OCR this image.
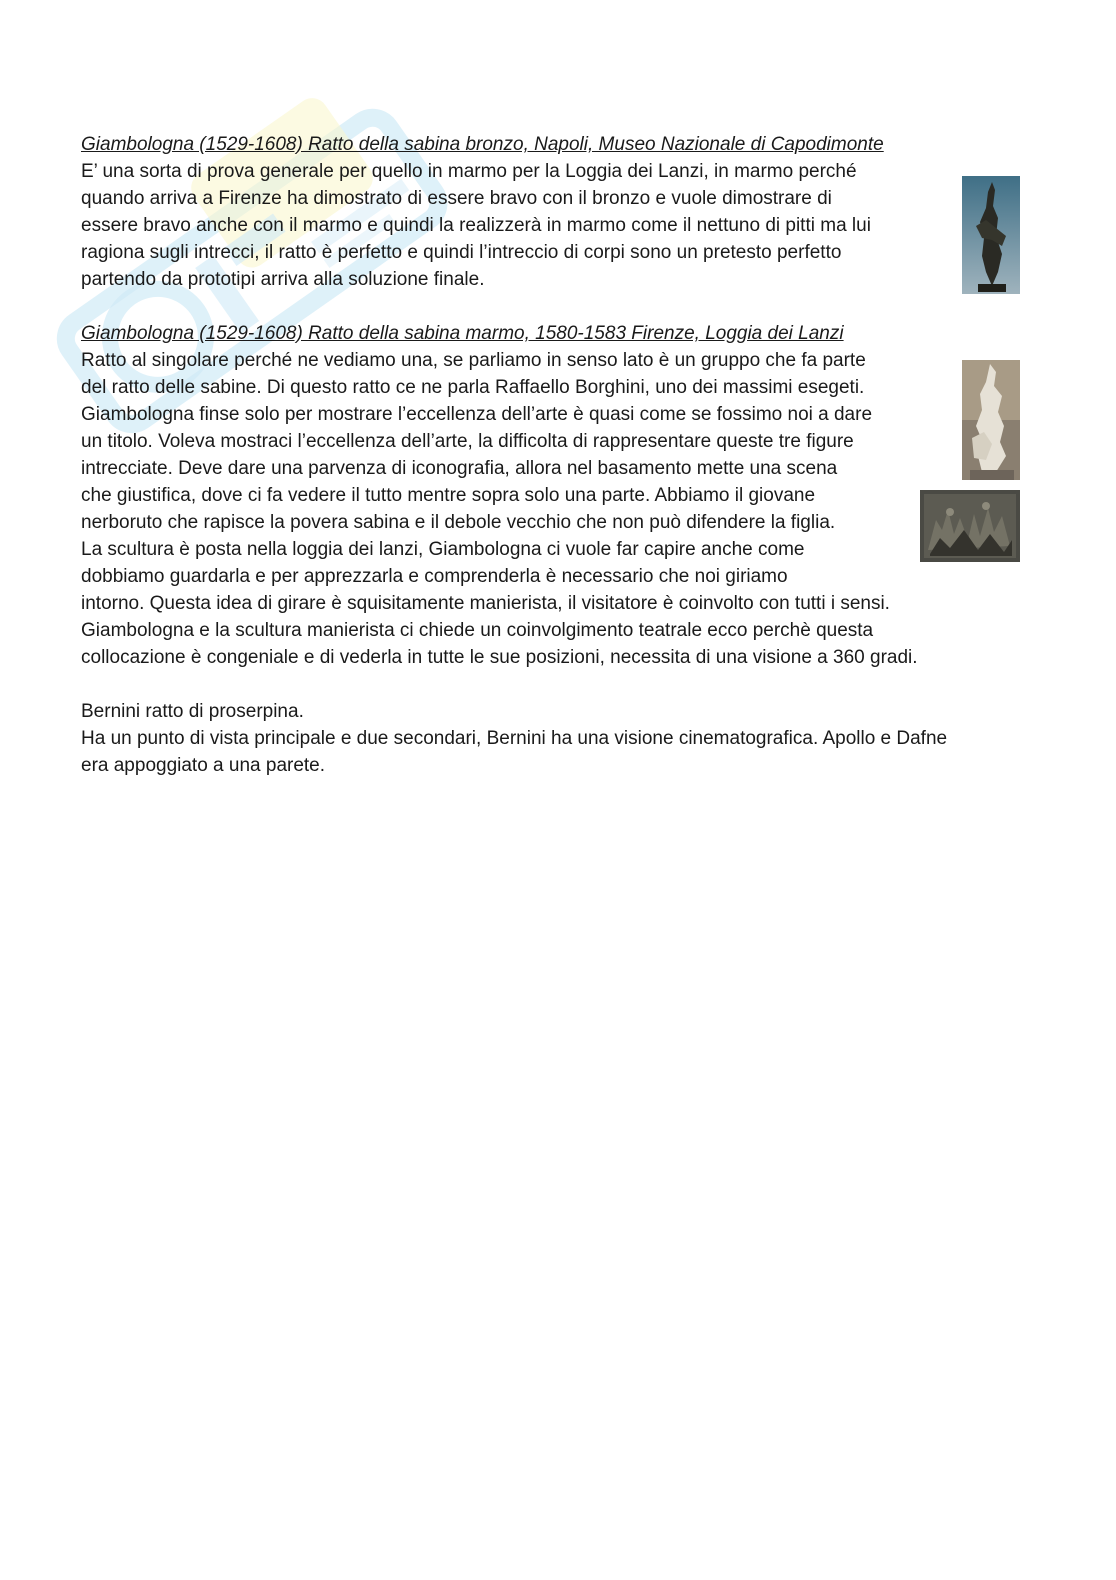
Giambologna (1529-1608) Ratto della sabina bronzo, Napoli, Museo Nazionale di Capodimonte
E’ una sorta di prova generale per quello in marmo per la Loggia dei Lanzi, in marmo perché
quando arriva a Firenze ha dimostrato di essere bravo con il bronzo e vuole dimostrare di
essere bravo anche con il marmo e quindi la realizzerà in marmo come il nettuno di pitti ma lui
ragiona sugli intrecci, il ratto è perfetto e quindi l’intreccio di corpi sono un pretesto perfetto
partendo da prototipi arriva alla soluzione finale.
Giambologna (1529-1608) Ratto della sabina marmo, 1580-1583 Firenze, Loggia dei Lanzi
Ratto al singolare perché ne vediamo una, se parliamo in senso lato è un gruppo che fa parte
del ratto delle sabine. Di questo ratto ce ne parla Raffaello Borghini, uno dei massimi esegeti.
Giambologna finse solo per mostrare l’eccellenza dell’arte è quasi come se fossimo noi a dare
un titolo. Voleva mostraci l’eccellenza dell’arte, la difficolta di rappresentare queste tre figure
intrecciate. Deve dare una parvenza di iconografia, allora nel basamento mette una scena
che giustifica, dove ci fa vedere il tutto mentre sopra solo una parte. Abbiamo il giovane
nerboruto che rapisce la povera sabina e il debole vecchio che non può difendere la figlia.
La scultura è posta nella loggia dei lanzi, Giambologna ci vuole far capire anche come
dobbiamo guardarla e per apprezzarla e comprenderla è necessario che noi giriamo
intorno. Questa idea di girare è squisitamente manierista, il visitatore è coinvolto con tutti i sensi.
Giambologna e la scultura manierista ci chiede un coinvolgimento teatrale ecco perchè questa
collocazione è congeniale e di vederla in tutte le sue posizioni, necessita di una visione a 360 gradi.
Bernini ratto di proserpina.
Ha un punto di vista principale e due secondari, Bernini ha una visione cinematografica. Apollo e Dafne
era appoggiato a una parete.
